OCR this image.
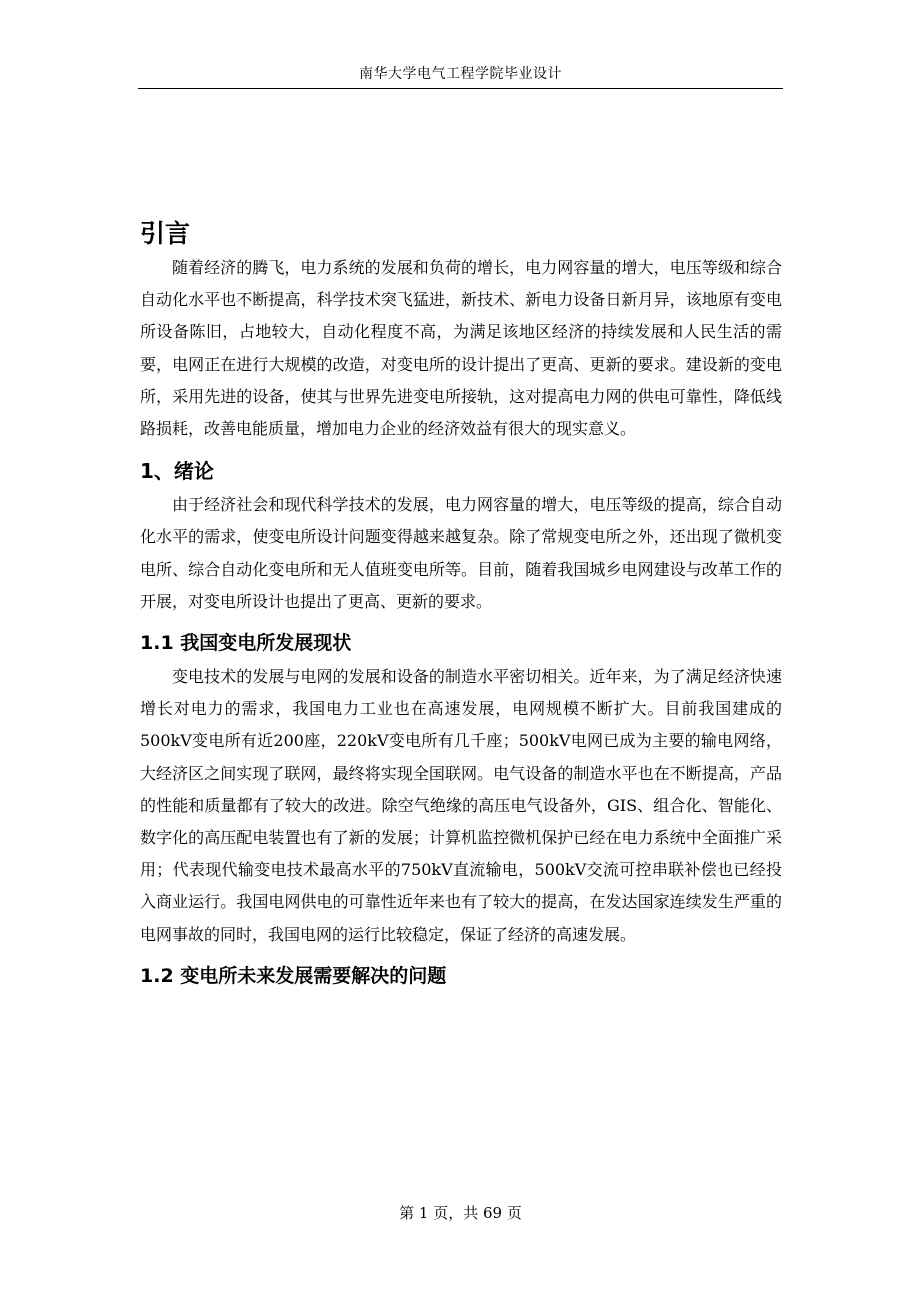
南华大学电气工程学院毕业设计
引言

随着经济的腾飞，电力系统的发展和负荷的增长，电力网容量的增大，电压等级和综合自动化水平也不断提高，科学技术突飞猛进，新技术、新电力设备日新月异，该地原有变电所设备陈旧，占地较大，自动化程度不高，为满足该地区经济的持续发展和人民生活的需要，电网正在进行大规模的改造，对变电所的设计提出了更高、更新的要求。建设新的变电所，采用先进的设备，使其与世界先进变电所接轨，这对提高电力网的供电可靠性，降低线路损耗，改善电能质量，增加电力企业的经济效益有很大的现实意义。

1、绪论

由于经济社会和现代科学技术的发展，电力网容量的增大，电压等级的提高，综合自动化水平的需求，使变电所设计问题变得越来越复杂。除了常规变电所之外，还出现了微机变电所、综合自动化变电所和无人值班变电所等。目前，随着我国城乡电网建设与改革工作的开展，对变电所设计也提出了更高、更新的要求。

1.1 我国变电所发展现状

变电技术的发展与电网的发展和设备的制造水平密切相关。近年来，为了满足经济快速增长对电力的需求，我国电力工业也在高速发展，电网规模不断扩大。目前我国建成的500kV变电所有近200座，220kV变电所有几千座；500kV电网已成为主要的输电网络，大经济区之间实现了联网，最终将实现全国联网。电气设备的制造水平也在不断提高，产品的性能和质量都有了较大的改进。除空气绝缘的高压电气设备外，GIS、组合化、智能化、数字化的高压配电装置也有了新的发展；计算机监控微机保护已经在电力系统中全面推广采用；代表现代输变电技术最高水平的750kV直流输电，500kV交流可控串联补偿也已经投入商业运行。我国电网供电的可靠性近年来也有了较大的提高，在发达国家连续发生严重的电网事故的同时，我国电网的运行比较稳定，保证了经济的高速发展。

1.2 变电所未来发展需要解决的问题
第 1 页，共 69 页
